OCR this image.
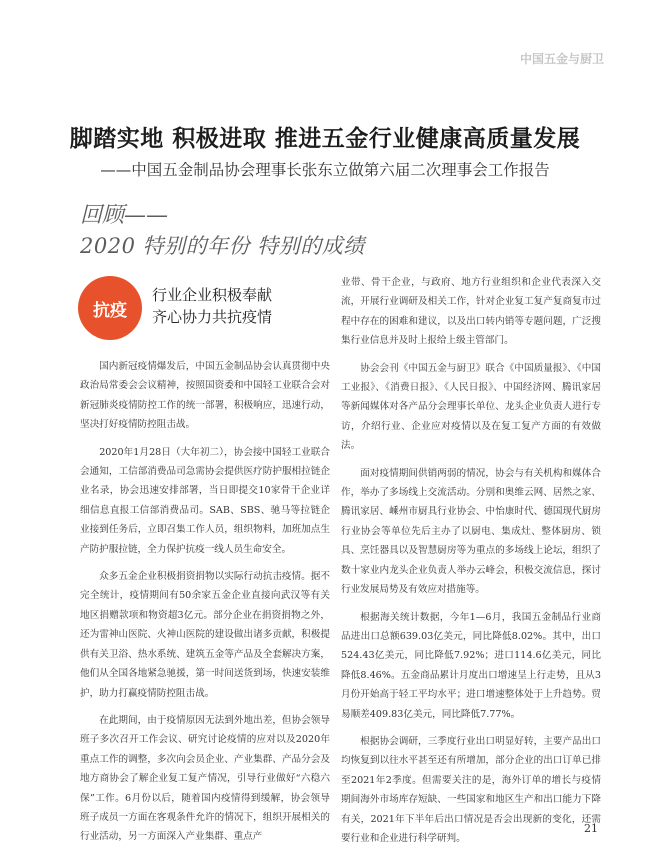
中国五金与厨卫
脚踏实地 积极进取 推进五金行业健康高质量发展
——中国五金制品协会理事长张东立做第六届二次理事会工作报告
回顾——
2020 特别的年份 特别的成绩
抗疫
行业企业积极奉献
齐心协力共抗疫情

国内新冠疫情爆发后，中国五金制品协会认真贯彻中央政治局常委会会议精神，按照国资委和中国轻工业联合会对新冠肺炎疫情防控工作的统一部署，积极响应，迅速行动，坚决打好疫情防控阻击战。

2020年1月28日（大年初二），协会接中国轻工业联合会通知，工信部消费品司急需协会提供医疗防护服相拉链企业名录，协会迅速安排部署，当日即提交10家骨干企业详细信息直报工信部消费品司。SAB、SBS、驰马等拉链企业接到任务后，立即召集工作人员，组织物料，加班加点生产防护服拉链，全力保护抗疫一线人员生命安全。

众多五金企业积极捐资捐物以实际行动抗击疫情。据不完全统计，疫情期间有50余家五金企业直接向武汉等有关地区捐赠款项和物资超3亿元。部分企业在捐资捐物之外，还为雷神山医院、火神山医院的建设做出诸多贡献，积极提供有关卫浴、热水系统、建筑五金等产品及全套解决方案，他们从全国各地紧急驰援，第一时间送货到场，快速安装维护，助力打赢疫情防控阻击战。

在此期间，由于疫情原因无法到外地出差，但协会领导班子多次召开工作会议、研究讨论疫情的应对以及2020年重点工作的调整，多次向会员企业、产业集群、产品分会及地方商协会了解企业复工复产情况，引导行业做好“六稳六保”工作。6月份以后，随着国内疫情得到缓解，协会领导班子成员一方面在客观条件允许的情况下，组织开展相关的行业活动，另一方面深入产业集群、重点产

业带、骨干企业，与政府、地方行业组织和企业代表深入交流，开展行业调研及相关工作，针对企业复工复产复商复市过程中存在的困难和建议，以及出口转内销等专题问题，广泛搜集行业信息并及时上报给上级主管部门。

协会会刊《中国五金与厨卫》联合《中国质量报》、《中国工业报》、《消费日报》、《人民日报》、中国经济网、腾讯家居等新闻媒体对各产品分会理事长单位、龙头企业负责人进行专访，介绍行业、企业应对疫情以及在复工复产方面的有效做法。

面对疫情期间供销两弱的情况，协会与有关机构和媒体合作，举办了多场线上交流活动。分别和奥维云网、居然之家、腾讯家居、嵊州市厨具行业协会、中怡康时代、德国现代厨房行业协会等单位先后主办了以厨电、集成灶、整体厨房、锁具、烹饪器具以及智慧厨房等为重点的多场线上论坛，组织了数十家业内龙头企业负责人举办云峰会，积极交流信息，探讨行业发展局势及有效应对措施等。

根据海关统计数据，今年1—6月，我国五金制品行业商品进出口总额639.03亿美元，同比降低8.02%。其中，出口524.43亿美元，同比降低7.92%；进口114.6亿美元，同比降低8.46%。五金商品累计月度出口增速呈上行走势，且从3月份开始高于轻工平均水平；进口增速整体处于上升趋势。贸易顺差409.83亿美元，同比降低7.77%。

根据协会调研，三季度行业出口明显好转，主要产品出口均恢复到以往水平甚至还有所增加，部分企业的出口订单已排至2021年2季度。但需要关注的是，海外订单的增长与疫情期间海外市场库存短缺、一些国家和地区生产和出口能力下降有关，2021年下半年后出口情况是否会出现新的变化，还需要行业和企业进行科学研判。

21
